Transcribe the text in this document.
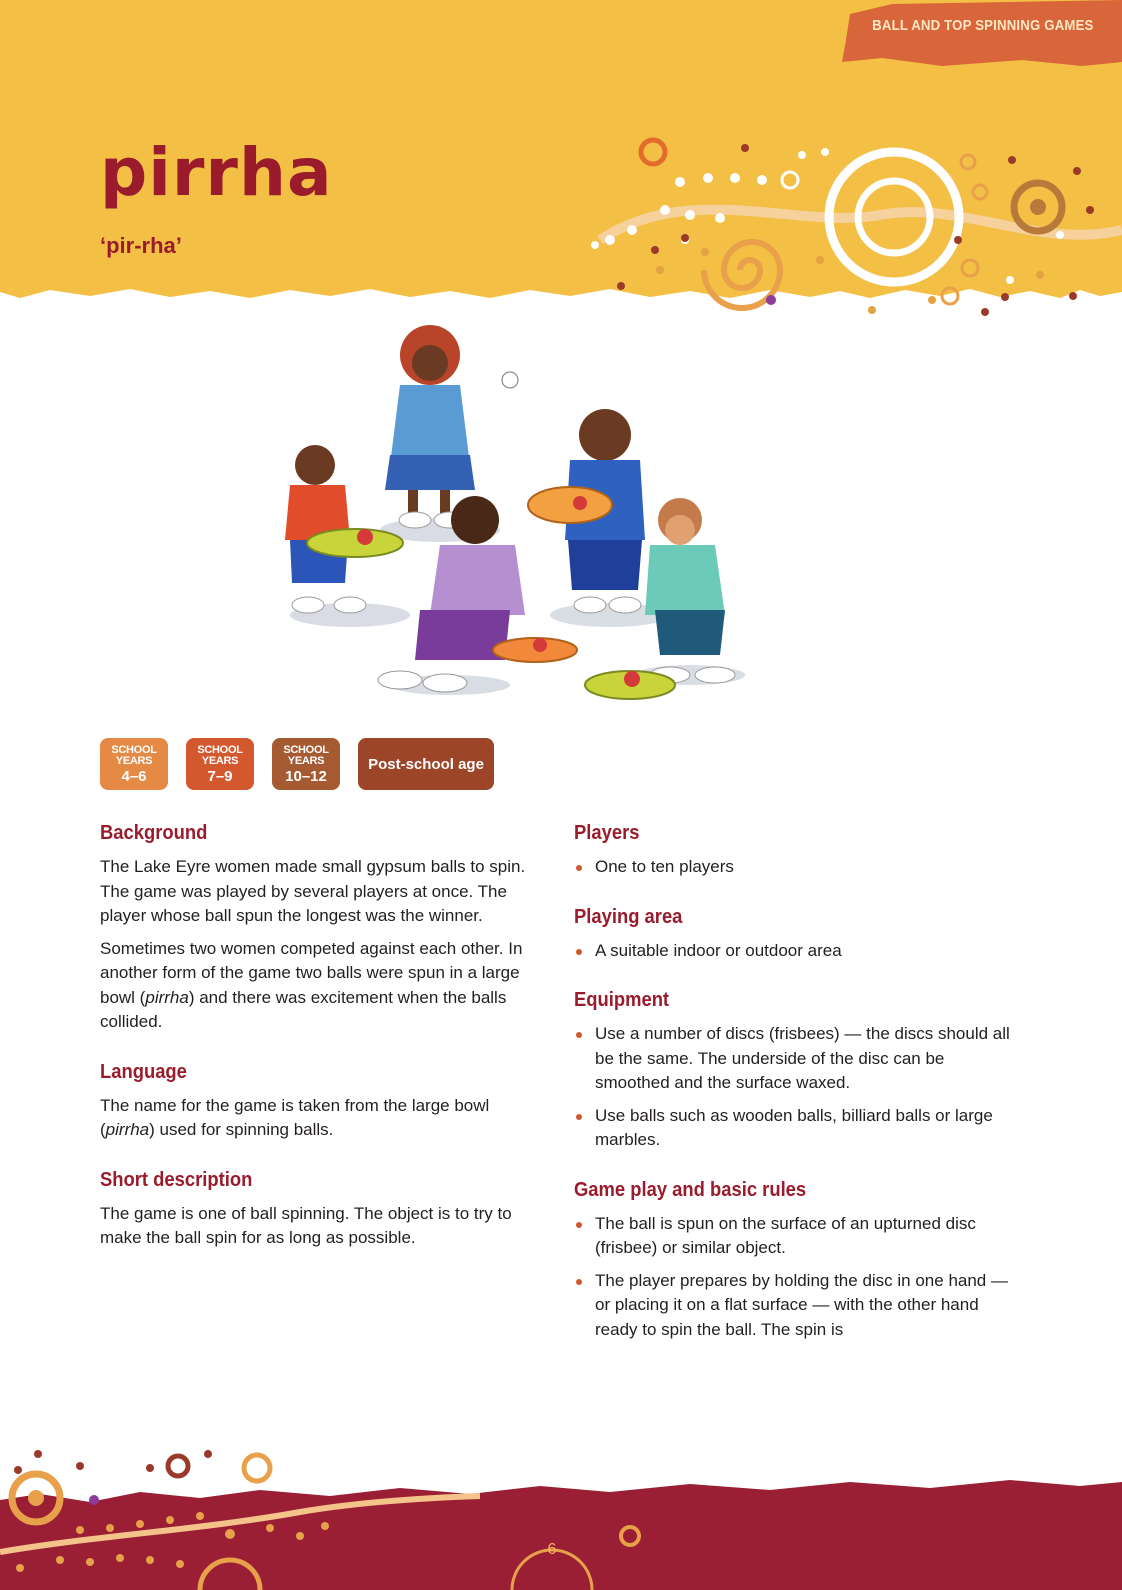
BALL AND TOP SPINNING GAMES
pirrha
‘pir-rha’
SCHOOL
YEARS
4–6
SCHOOL
YEARS
7–9
SCHOOL
YEARS
10–12
Post-school age
Background

The Lake Eyre women made small gypsum balls to spin. The game was played by several players at once. The player whose ball spun the longest was the winner.

Sometimes two women competed against each other. In another form of the game two balls were spun in a large bowl (pirrha) and there was excitement when the balls collided.

Language

The name for the game is taken from the large bowl (pirrha) used for spinning balls.

Short description

The game is one of ball spinning. The object is to try to make the ball spin for as long as possible.

Players
One to ten players
Playing area
A suitable indoor or outdoor area
Equipment
Use a number of discs (frisbees) — the discs should all be the same. The underside of the disc can be smoothed and the surface waxed.
Use balls such as wooden balls, billiard balls or large marbles.
Game play and basic rules
The ball is spun on the surface of an upturned disc (frisbee) or similar object.
The player prepares by holding the disc in one hand — or placing it on a flat surface — with the other hand ready to spin the ball. The spin is
6
